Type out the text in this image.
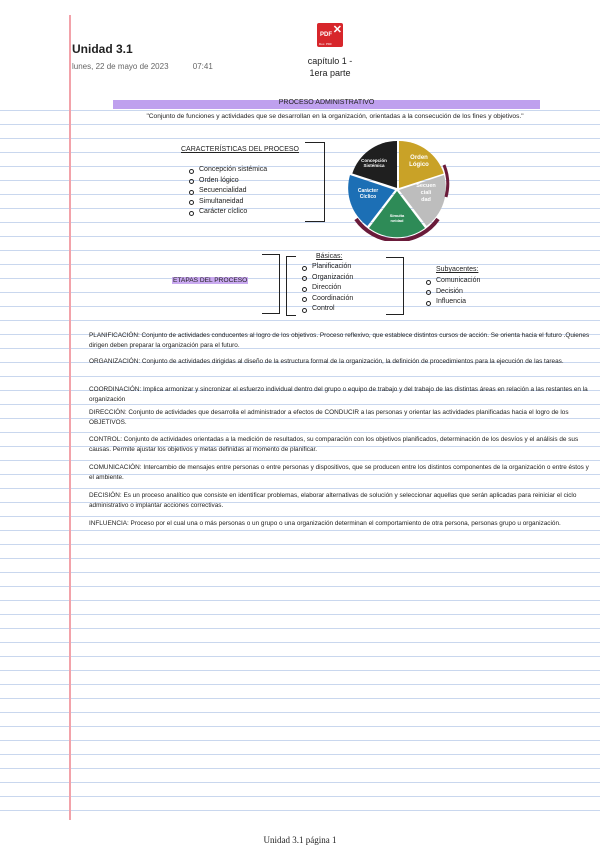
Unidad 3.1
lunes, 22 de mayo de 2023	07:41
✕
PDF
Doc. PDF
capítulo 1 - 1era parte
PROCESO ADMINISTRATIVO
"Conjunto de funciones y actividades que se desarrollan en la organización, orientadas a la consecución de los fines y objetivos."
CARACTERÍSTICAS DEL PROCESO
Concepción sistémica
Orden lógico
Secuencialidad
Simultaneidad
Carácter cíclico
Concepción
Sistémica
Orden
Lógico
Secuen
ciali
dad
Simulta
neidad
Carácter
Cíclico
ETAPAS DEL PROCESO
Básicas:
Planificación
Organización
Dirección
Coordinación
Control
Subyacentes:
Comunicación
Decisión
Influencia
PLANIFICACIÓN: Conjunto de actividades conducentes al logro de los objetivos. Proceso reflexivo, que establece distintos cursos de acción. Se orienta hacia el futuro .Quienes dirigen deben preparar la organización para el futuro.
ORGANIZACIÓN: Conjunto de actividades dirigidas al diseño de la estructura formal de la organización, la definición de procedimientos para la ejecución de las tareas.
COORDINACIÓN: Implica armonizar y sincronizar el esfuerzo individual dentro del grupo o equipo de trabajo y del trabajo de las distintas áreas en relación a las restantes en la organización
DIRECCIÓN: Conjunto de actividades que desarrolla el administrador a efectos de CONDUCIR a las personas y orientar las actividades planificadas hacia el logro de los OBJETIVOS.
CONTROL: Conjunto de actividades orientadas a la medición de resultados, su comparación con los objetivos planificados, determinación de los desvíos y el análisis de sus causas. Permite ajustar los objetivos y metas definidas al momento de planificar.
COMUNICACIÓN: Intercambio de mensajes entre personas o entre personas y dispositivos, que se producen entre los distintos componentes de la organización o entre éstos y el ambiente.
DECISIÓN: Es un proceso analítico que consiste en identificar problemas, elaborar alternativas de solución y seleccionar aquellas que serán aplicadas para reiniciar el ciclo administrativo o implantar acciones correctivas.
INFLUENCIA: Proceso por el cual una o más personas o un grupo o una organización determinan el comportamiento de otra persona, personas grupo u organización.
Unidad 3.1 página 1
